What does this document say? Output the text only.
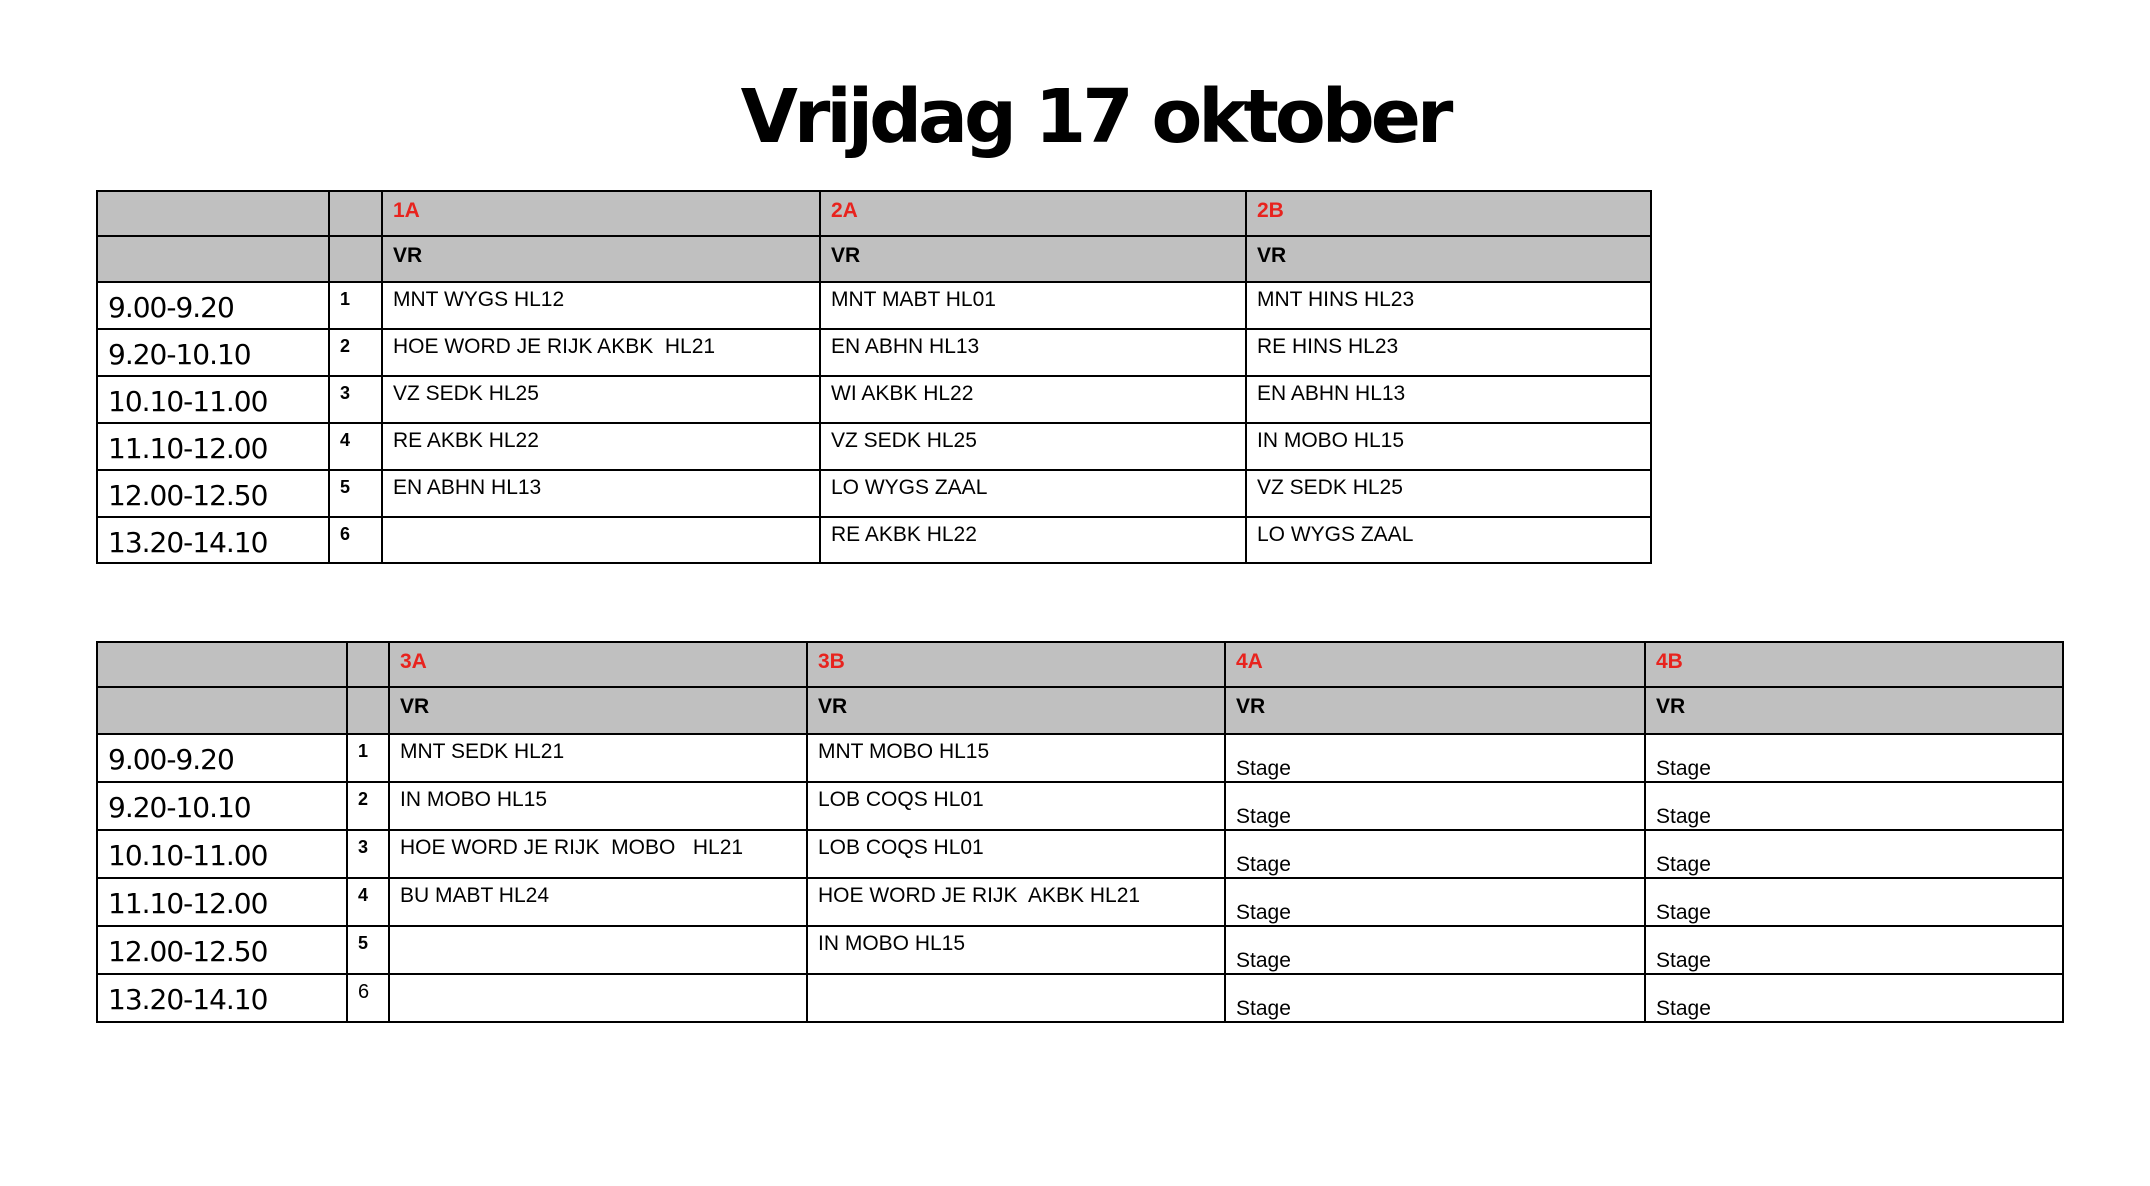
Vrijdag 17 oktober
		1A	2A	2B
		VR	VR	VR
9.00-9.20	1	MNT WYGS HL12	MNT MABT HL01	MNT HINS HL23
9.20-10.10	2	HOE WORD JE RIJK AKBK  HL21	EN ABHN HL13	RE HINS HL23
10.10-11.00	3	VZ SEDK HL25	WI AKBK HL22	EN ABHN HL13
11.10-12.00	4	RE AKBK HL22	VZ SEDK HL25	IN MOBO HL15
12.00-12.50	5	EN ABHN HL13	LO WYGS ZAAL	VZ SEDK HL25
13.20-14.10	6		RE AKBK HL22	LO WYGS ZAAL
		3A	3B	4A	4B
		VR	VR	VR	VR
9.00-9.20	1	MNT SEDK HL21	MNT MOBO HL15	Stage	Stage
9.20-10.10	2	IN MOBO HL15	LOB COQS HL01	Stage	Stage
10.10-11.00	3	HOE WORD JE RIJK  MOBO   HL21	LOB COQS HL01	Stage	Stage
11.10-12.00	4	BU MABT HL24	HOE WORD JE RIJK  AKBK HL21	Stage	Stage
12.00-12.50	5		IN MOBO HL15	Stage	Stage
13.20-14.10	6			Stage	Stage
